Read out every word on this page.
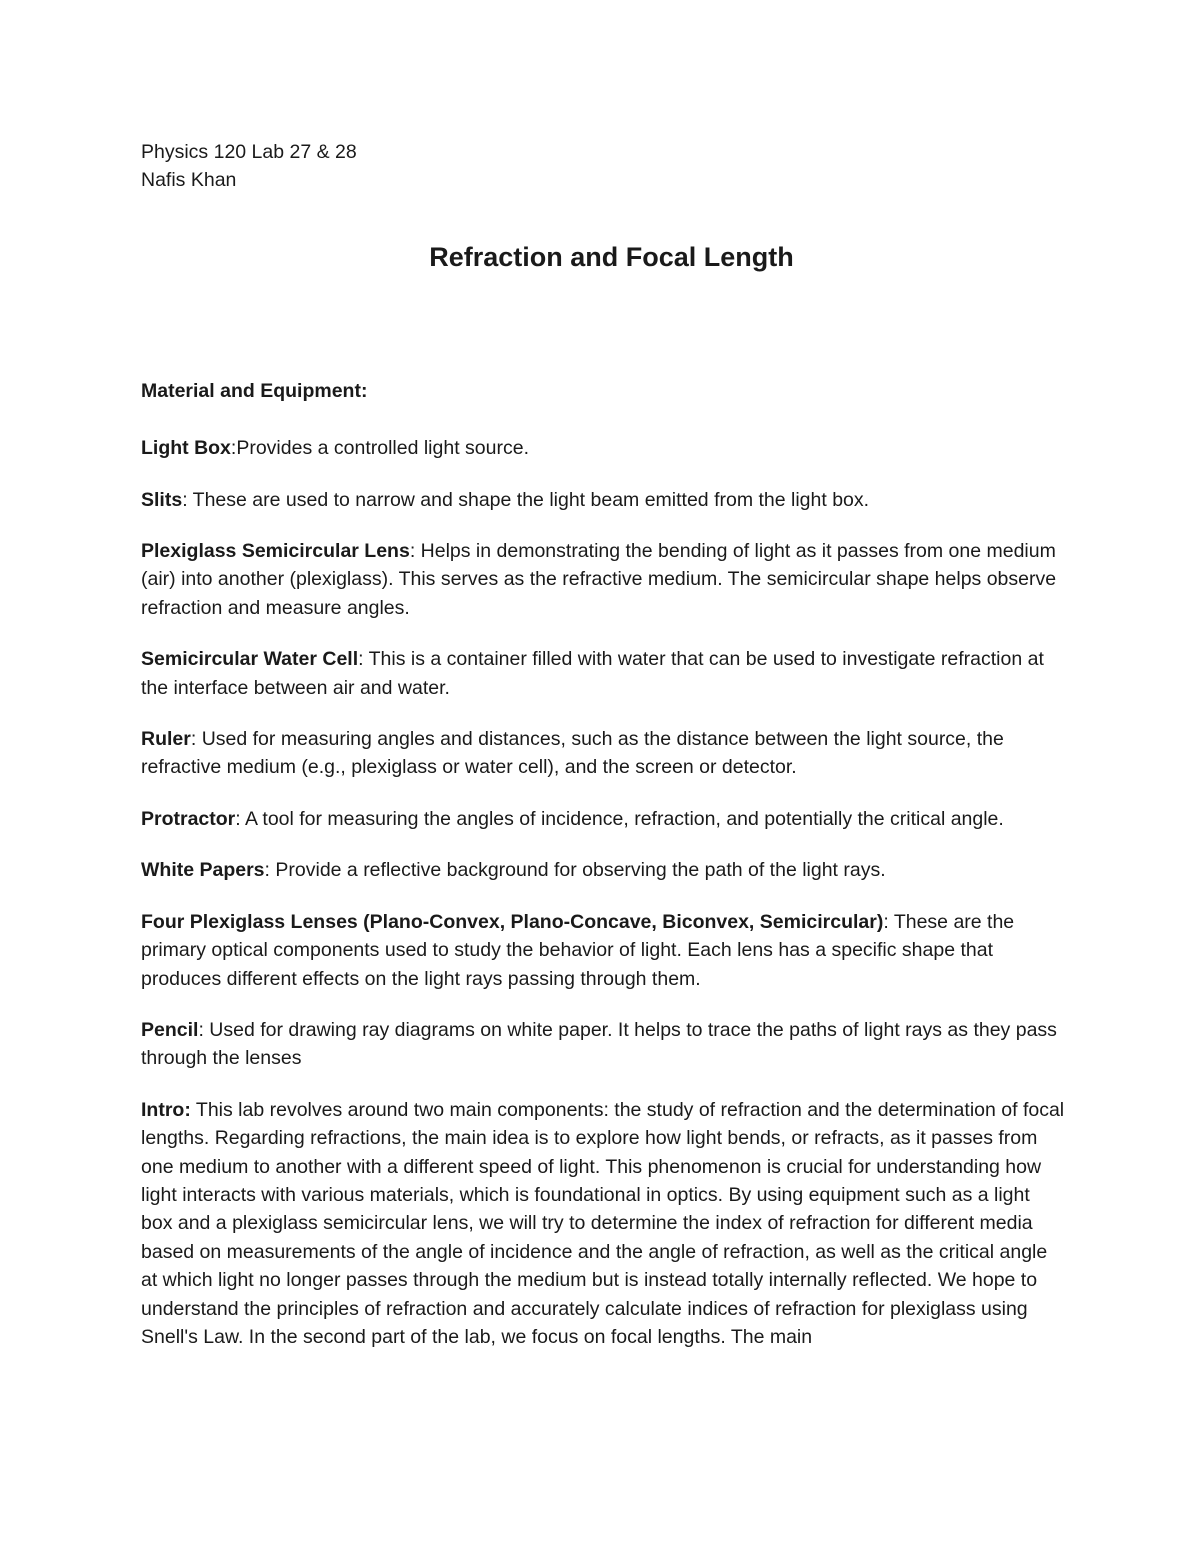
Physics 120 Lab 27 & 28

Nafis Khan

Refraction and Focal Length

Material and Equipment:

Light Box:Provides a controlled light source.

Slits: These are used to narrow and shape the light beam emitted from the light box.

Plexiglass Semicircular Lens: Helps in demonstrating the bending of light as it passes from one medium (air) into another (plexiglass). This serves as the refractive medium. The semicircular shape helps observe refraction and measure angles.

Semicircular Water Cell: This is a container filled with water that can be used to investigate refraction at the interface between air and water.

Ruler: Used for measuring angles and distances, such as the distance between the light source, the refractive medium (e.g., plexiglass or water cell), and the screen or detector.

Protractor: A tool for measuring the angles of incidence, refraction, and potentially the critical angle.

White Papers: Provide a reflective background for observing the path of the light rays.

Four Plexiglass Lenses (Plano-Convex, Plano-Concave, Biconvex, Semicircular): These are the primary optical components used to study the behavior of light. Each lens has a specific shape that produces different effects on the light rays passing through them.

Pencil: Used for drawing ray diagrams on white paper. It helps to trace the paths of light rays as they pass through the lenses

Intro: This lab revolves around two main components: the study of refraction and the determination of focal lengths. Regarding refractions, the main idea is to explore how light bends, or refracts, as it passes from one medium to another with a different speed of light. This phenomenon is crucial for understanding how light interacts with various materials, which is foundational in optics. By using equipment such as a light box and a plexiglass semicircular lens, we will try to determine the index of refraction for different media based on measurements of the angle of incidence and the angle of refraction, as well as the critical angle at which light no longer passes through the medium but is instead totally internally reflected. We hope to understand the principles of refraction and accurately calculate indices of refraction for plexiglass using Snell's Law. In the second part of the lab, we focus on focal lengths. The main
